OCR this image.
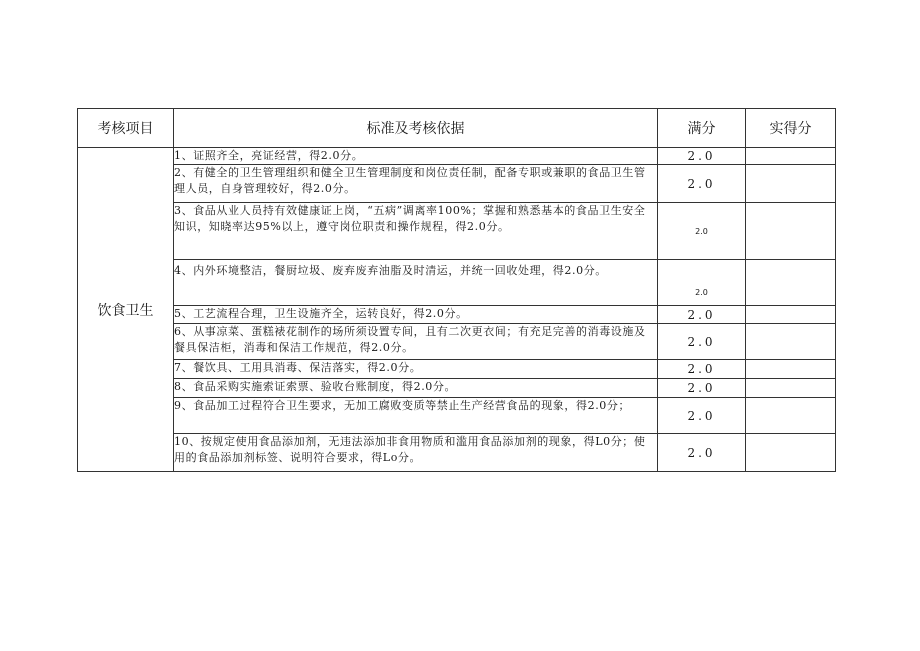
考核项目	标准及考核依据	满分	实得分
饮食卫生	1、证照齐全，亮证经营，得2.0分。	2.0	
	2、有健全的卫生管理组织和健全卫生管理制度和岗位责任制，配备专职或兼职的食品卫生管理人员，自身管理较好，得2.0分。	2.0	
	3、食品从业人员持有效健康证上岗，“五病”调离率100%；掌握和熟悉基本的食品卫生安全知识，知晓率达95%以上，遵守岗位职责和操作规程，得2.0分。	2.0	
	4、内外环境整洁，餐厨垃圾、废弃废弃油脂及时清运，并统一回收处理，得2.0分。	2.0	
	5、工艺流程合理，卫生设施齐全，运转良好，得2.0分。	2.0	
	6、从事凉菜、蛋糕裱花制作的场所须设置专间，且有二次更衣间；有充足完善的消毒设施及餐具保洁柜，消毒和保洁工作规范，得2.0分。	2.0	
	7、餐饮具、工用具消毒、保洁落实，得2.0分。	2.0	
	8、食品采购实施索证索票、验收台账制度，得2.0分。	2.0	
	9、食品加工过程符合卫生要求，无加工腐败变质等禁止生产经营食品的现象，得2.0分；	2.0	
	10、按规定使用食品添加剂，无违法添加非食用物质和滥用食品添加剂的现象，得L0分；使用的食品添加剂标签、说明符合要求，得Lo分。	2.0	
